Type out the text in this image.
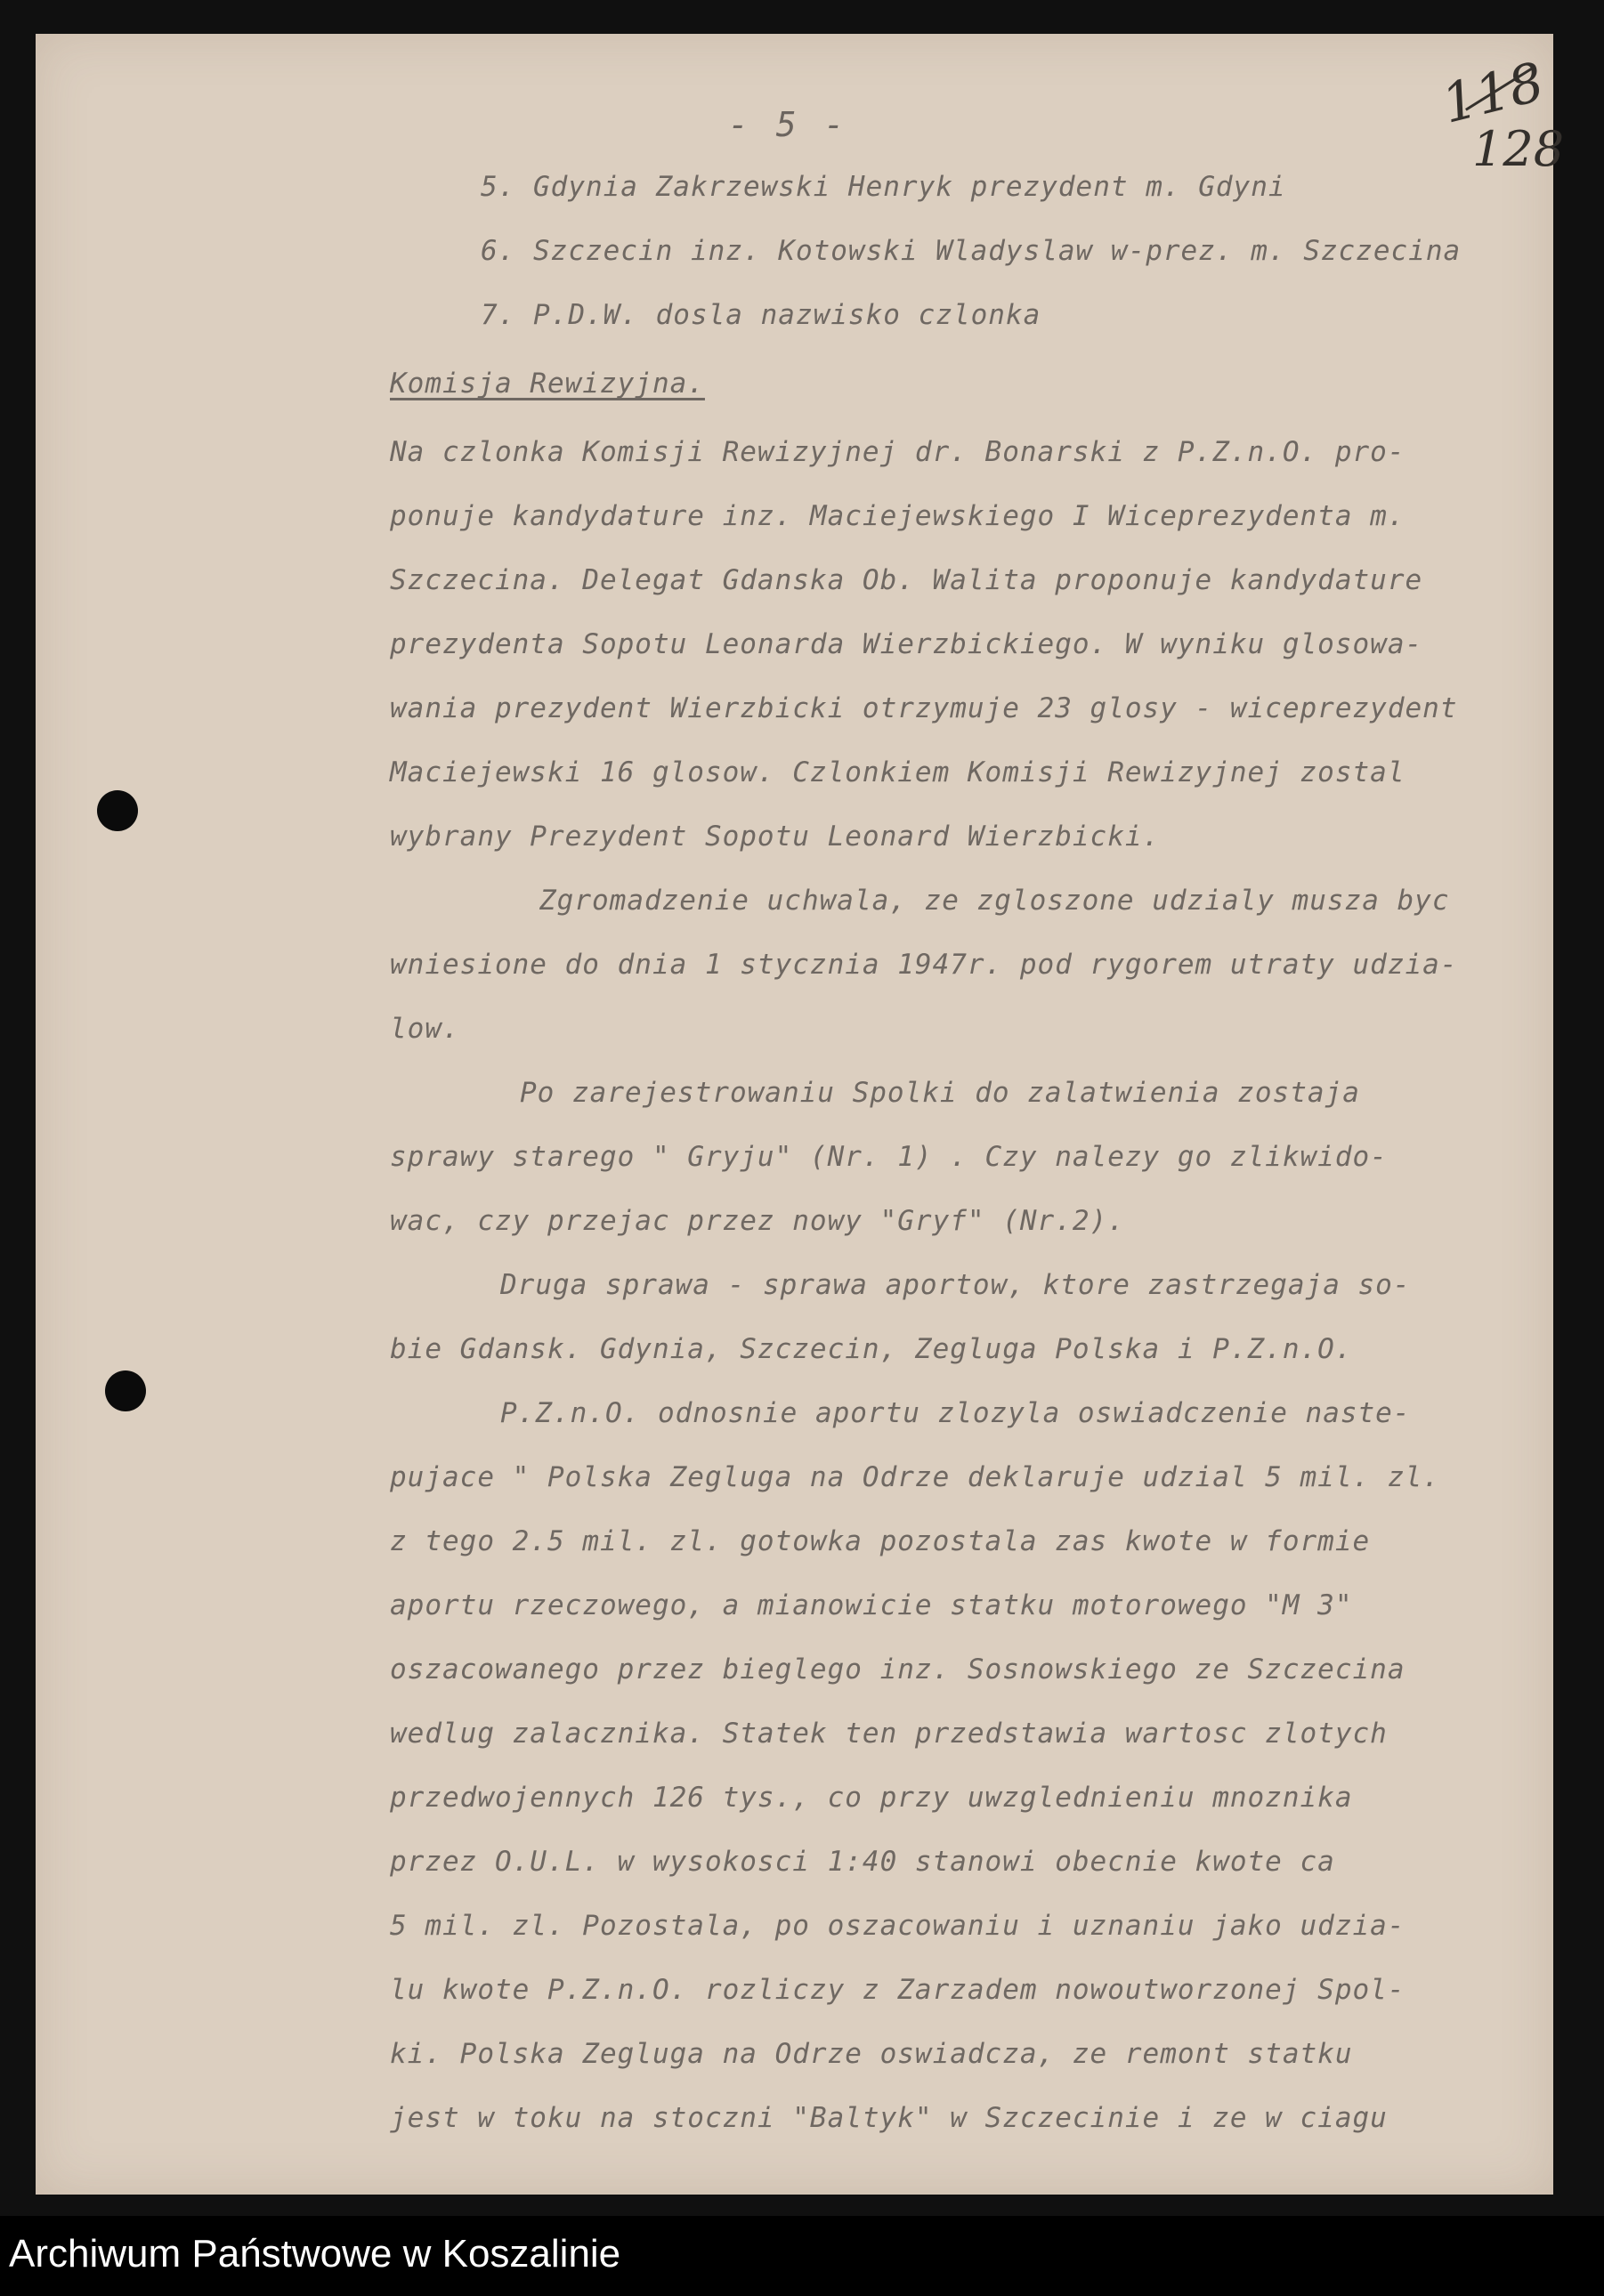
- 5 -	128
5. Gdynia Zakrzewski Henryk prezydent m. Gdyni
6. Szczecin inz. Kotowski Wladyslaw w-prez. m. Szczecina
7. P.D.W. dosla nazwisko czlonka
Komisja Rewizyjna.
Na czlonka Komisji Rewizyjnej dr. Bonarski z P.Z.n.O. pro-
ponuje kandydature inz. Maciejewskiego I Wiceprezydenta m.
Szczecina. Delegat Gdanska Ob. Walita proponuje kandydature
prezydenta Sopotu Leonarda Wierzbickiego. W wyniku glosowa-
wania prezydent Wierzbicki otrzymuje 23 glosy - wiceprezydent
Maciejewski 16 glosow. Czlonkiem Komisji Rewizyjnej zostal
wybrany Prezydent Sopotu Leonard Wierzbicki.
Zgromadzenie uchwala, ze zgloszone udzialy musza byc
wniesione do dnia 1 stycznia 1947r. pod rygorem utraty udzia-
low.
Po zarejestrowaniu Spolki do zalatwienia zostaja
sprawy starego " Gryju" (Nr. 1) . Czy nalezy go zlikwido-
wac, czy przejac przez nowy "Gryf" (Nr.2).
Druga sprawa - sprawa aportow, ktore zastrzegaja so-
bie Gdansk. Gdynia, Szczecin, Zegluga Polska i P.Z.n.O.
P.Z.n.O. odnosnie aportu zlozyla oswiadczenie naste-
pujace " Polska Zegluga na Odrze deklaruje udzial 5 mil. zl.
z tego 2.5 mil. zl. gotowka pozostala zas kwote w formie
aportu rzeczowego, a mianowicie statku motorowego "M 3"
oszacowanego przez bieglego inz. Sosnowskiego ze Szczecina
wedlug zalacznika. Statek ten przedstawia wartosc zlotych
przedwojennych 126 tys., co przy uwzglednieniu mnoznika
przez O.U.L. w wysokosci 1:40 stanowi obecnie kwote ca
5 mil. zl. Pozostala, po oszacowaniu i uznaniu jako udzia-
lu kwote P.Z.n.O. rozliczy z Zarzadem nowoutworzonej Spol-
ki. Polska Zegluga na Odrze oswiadcza, ze remont statku
jest w toku na stoczni "Baltyk" w Szczecinie i ze w ciagu
Archiwum Państwowe w Koszalinie
